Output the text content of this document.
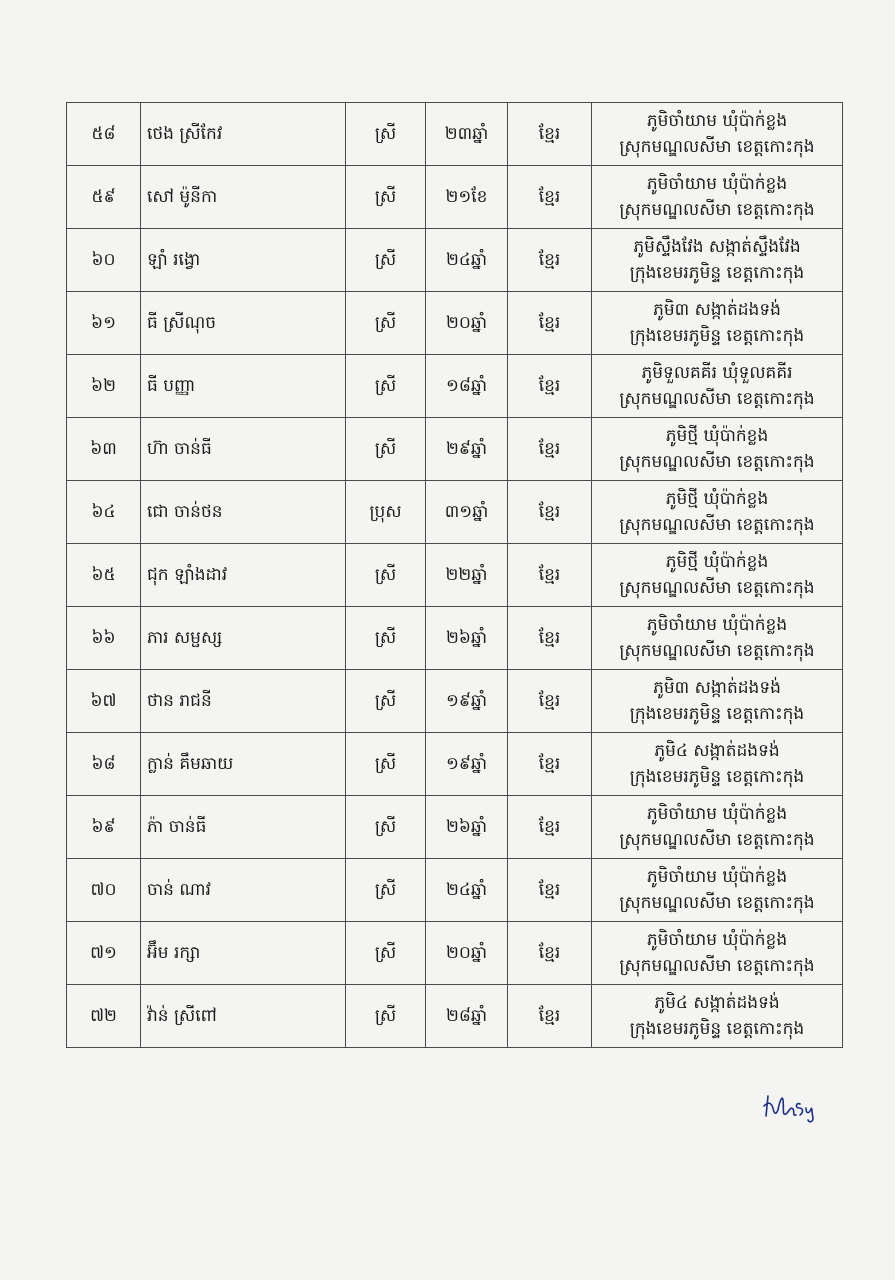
៥៨	ថេង ស្រីកែវ	ស្រី	២៣ឆ្នាំ	ខ្មែរ	ភូមិចាំយាម ឃុំប៉ាក់ខ្លង
ស្រុកមណ្ឌលសីមា ខេត្តកោះកុង

៥៩	សៅ ម៉ូនីកា	ស្រី	២១ខែ	ខ្មែរ	ភូមិចាំយាម ឃុំប៉ាក់ខ្លង
ស្រុកមណ្ឌលសីមា ខេត្តកោះកុង

៦០	ឡាំ រង្វោ	ស្រី	២៤ឆ្នាំ	ខ្មែរ	ភូមិស្ទឹងវែង សង្កាត់ស្ទឹងវែង
ក្រុងខេមរភូមិន្ទ ខេត្តកោះកុង

៦១	ធី ស្រីណុច	ស្រី	២០ឆ្នាំ	ខ្មែរ	ភូមិ៣ សង្កាត់ដងទង់
ក្រុងខេមរភូមិន្ទ ខេត្តកោះកុង

៦២	ធី បញ្ញា	ស្រី	១៨ឆ្នាំ	ខ្មែរ	ភូមិទួលគគីរ ឃុំទួលគគីរ
ស្រុកមណ្ឌលសីមា ខេត្តកោះកុង

៦៣	ហ៊ា ចាន់ធី	ស្រី	២៩ឆ្នាំ	ខ្មែរ	ភូមិថ្មី ឃុំប៉ាក់ខ្លង
ស្រុកមណ្ឌលសីមា ខេត្តកោះកុង

៦៤	ជោ ចាន់ថន	ប្រុស	៣១ឆ្នាំ	ខ្មែរ	ភូមិថ្មី ឃុំប៉ាក់ខ្លង
ស្រុកមណ្ឌលសីមា ខេត្តកោះកុង

៦៥	ជុក ឡាំងដាវ	ស្រី	២២ឆ្នាំ	ខ្មែរ	ភូមិថ្មី ឃុំប៉ាក់ខ្លង
ស្រុកមណ្ឌលសីមា ខេត្តកោះកុង

៦៦	ភារ សម្ផស្ស	ស្រី	២៦ឆ្នាំ	ខ្មែរ	ភូមិចាំយាម ឃុំប៉ាក់ខ្លង
ស្រុកមណ្ឌលសីមា ខេត្តកោះកុង

៦៧	ថាន រាជនី	ស្រី	១៩ឆ្នាំ	ខ្មែរ	ភូមិ៣ សង្កាត់ដងទង់
ក្រុងខេមរភូមិន្ទ ខេត្តកោះកុង

៦៨	ក្លាន់ គឹមឆាយ	ស្រី	១៩ឆ្នាំ	ខ្មែរ	ភូមិ៤ សង្កាត់ដងទង់
ក្រុងខេមរភូមិន្ទ ខេត្តកោះកុង

៦៩	ភ៉ា ចាន់ធី	ស្រី	២៦ឆ្នាំ	ខ្មែរ	ភូមិចាំយាម ឃុំប៉ាក់ខ្លង
ស្រុកមណ្ឌលសីមា ខេត្តកោះកុង

៧០	ចាន់ ណាវ	ស្រី	២៤ឆ្នាំ	ខ្មែរ	ភូមិចាំយាម ឃុំប៉ាក់ខ្លង
ស្រុកមណ្ឌលសីមា ខេត្តកោះកុង

៧១	អ៊ឹម រក្សា	ស្រី	២០ឆ្នាំ	ខ្មែរ	ភូមិចាំយាម ឃុំប៉ាក់ខ្លង
ស្រុកមណ្ឌលសីមា ខេត្តកោះកុង

៧២	វ៉ាន់ ស្រីពៅ	ស្រី	២៨ឆ្នាំ	ខ្មែរ	ភូមិ៤ សង្កាត់ដងទង់
ក្រុងខេមរភូមិន្ទ ខេត្តកោះកុង
